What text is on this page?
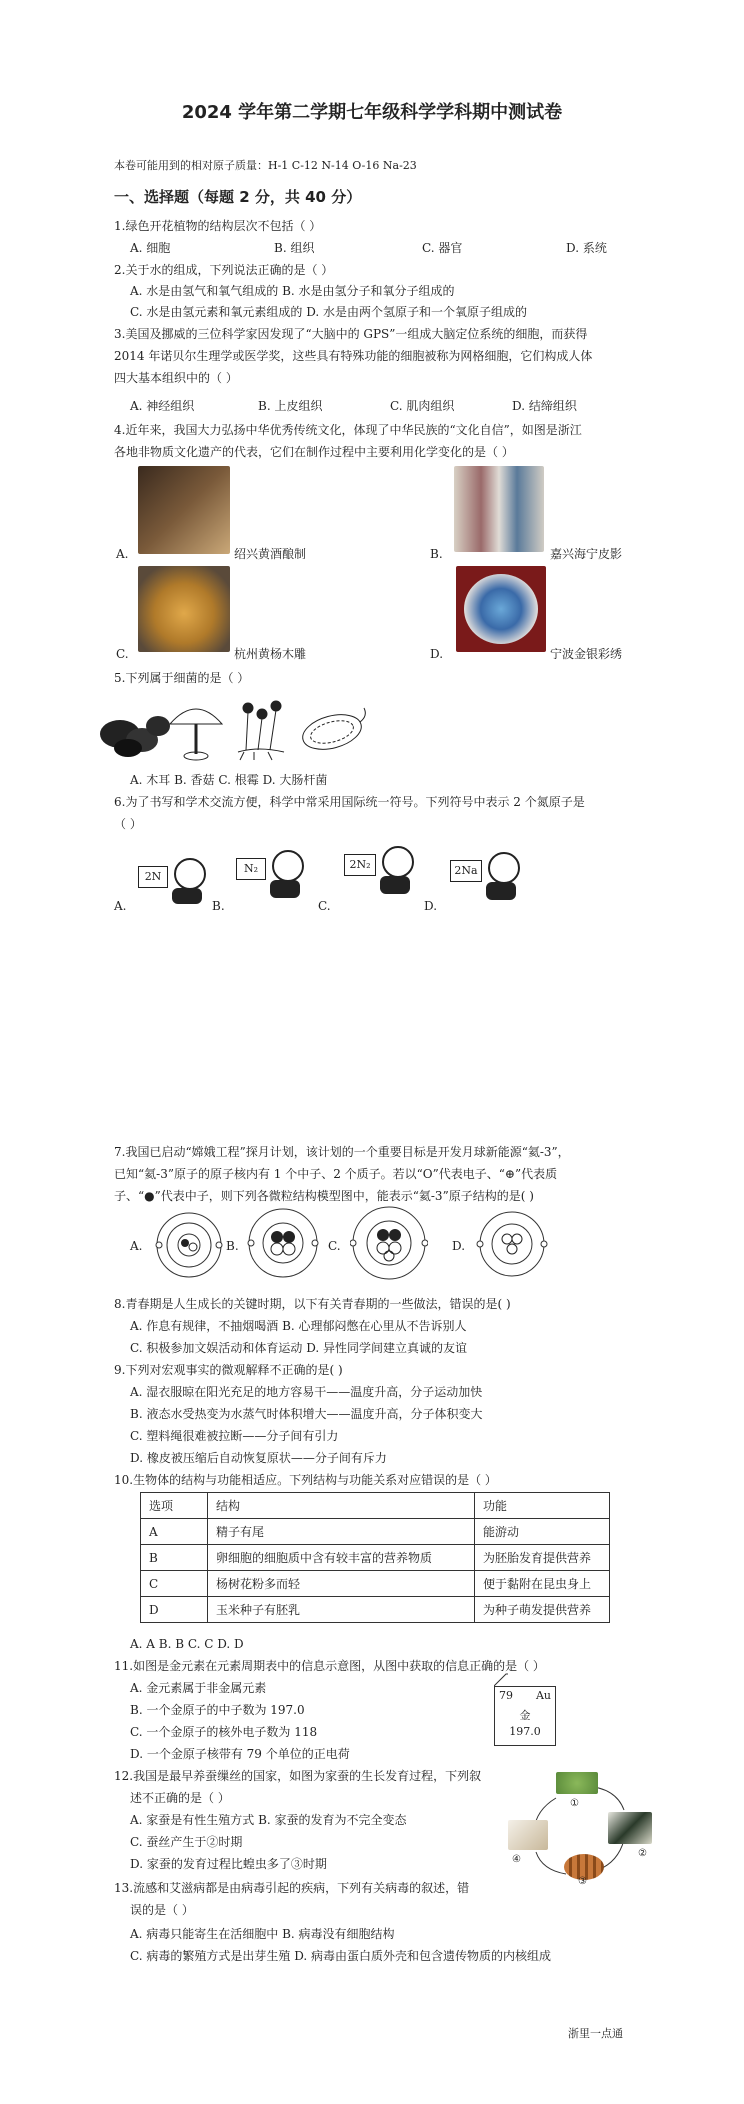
2024 学年第二学期七年级科学学科期中测试卷
本卷可能用到的相对原子质量：H-1 C-12 N-14 O-16 Na-23
一、选择题（每题 2 分，共 40 分）
1.绿色开花植物的结构层次不包括（ ）
A. 细胞	B. 组织	C. 器官	D. 系统
2.关于水的组成，下列说法正确的是（ ）
A. 水是由氢气和氧气组成的 B. 水是由氢分子和氧分子组成的
C. 水是由氢元素和氧元素组成的 D. 水是由两个氢原子和一个氧原子组成的
3.美国及挪威的三位科学家因发现了“大脑中的 GPS”一组成大脑定位系统的细胞，而获得
2014 年诺贝尔生理学或医学奖，这些具有特殊功能的细胞被称为网格细胞，它们构成人体
四大基本组织中的（ ）
A. 神经组织	B. 上皮组织	C. 肌肉组织	D. 结缔组织
4.近年来，我国大力弘扬中华优秀传统文化，体现了中华民族的“文化自信”，如图是浙江
各地非物质文化遗产的代表，它们在制作过程中主要利用化学变化的是（ ）
A.	绍兴黄酒酿制	B.	嘉兴海宁皮影
C.	杭州黄杨木雕	D.	宁波金银彩绣
5.下列属于细菌的是（ ）
A. 木耳 B. 香菇 C. 根霉 D. 大肠杆菌
6.为了书写和学术交流方便，科学中常采用国际统一符号。下列符号中表示 2 个氮原子是
（ ）
A.
2N
B.
N₂
C.
2N₂
D.
2Na
7.我国已启动“嫦娥工程”探月计划，该计划的一个重要目标是开发月球新能源“氦-3”，
已知“氦-3”原子的原子核内有 1 个中子、2 个质子。若以“O”代表电子、“⊕”代表质
子、“●”代表中子，则下列各微粒结构模型图中，能表示“氦-3”原子结构的是( )
A.	B.	C.	D.
8.青春期是人生成长的关键时期，以下有关青春期的一些做法，错误的是( )
A. 作息有规律，不抽烟喝酒 B. 心理郁闷憋在心里从不告诉别人
C. 积极参加文娱活动和体育运动 D. 异性同学间建立真诚的友谊
9.下列对宏观事实的微观解释不正确的是( )
A. 湿衣服晾在阳光充足的地方容易干——温度升高，分子运动加快
B. 液态水受热变为水蒸气时体积增大——温度升高，分子体积变大
C. 塑料绳很难被拉断——分子间有引力
D. 橡皮被压缩后自动恢复原状——分子间有斥力
10.生物体的结构与功能相适应。下列结构与功能关系对应错误的是（ ）
选项	结构	功能
A	精子有尾	能游动
B	卵细胞的细胞质中含有较丰富的营养物质	为胚胎发育提供营养
C	杨树花粉多而轻	便于黏附在昆虫身上
D	玉米种子有胚乳	为种子萌发提供营养
A. A B. B C. C D. D
11.如图是金元素在元素周期表中的信息示意图，从图中获取的信息正确的是（ ）
A. 金元素属于非金属元素
B. 一个金原子的中子数为 197.0
C. 一个金原子的核外电子数为 118
D. 一个金原子核带有 79 个单位的正电荷
79 Au
金
197.0
12.我国是最早养蚕缫丝的国家，如图为家蚕的生长发育过程，下列叙
述不正确的是（ ）
A. 家蚕是有性生殖方式 B. 家蚕的发育为不完全变态
C. 蚕丝产生于②时期
D. 家蚕的发育过程比蝗虫多了③时期
①
②
③
④
13.流感和艾滋病都是由病毒引起的疾病，下列有关病毒的叙述，错
误的是（ ）
A. 病毒只能寄生在活细胞中 B. 病毒没有细胞结构
C. 病毒的繁殖方式是出芽生殖 D. 病毒由蛋白质外壳和包含遗传物质的内核组成
浙里一点通
